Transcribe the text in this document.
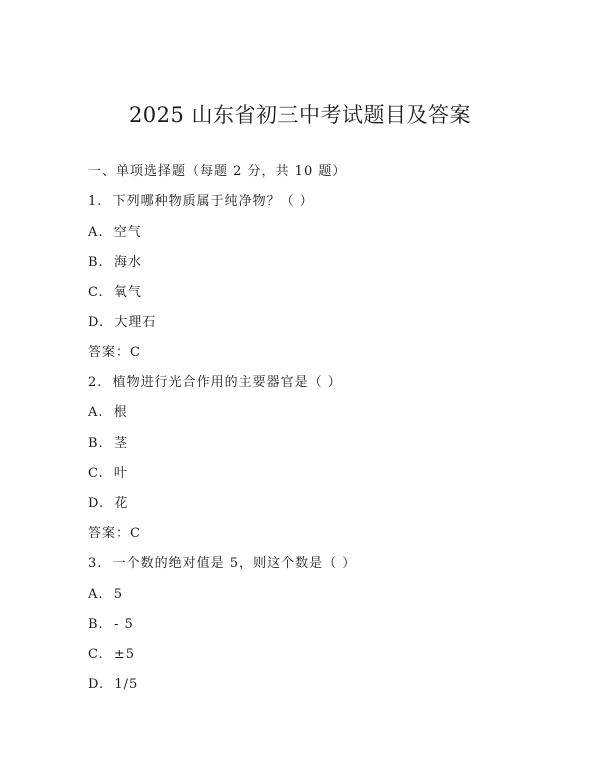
2025 山东省初三中考试题目及答案
一、单项选择题（每题 2 分，共 10 题）
1.  下列哪种物质属于纯净物？（ ）
A.  空气
B.  海水
C.  氧气
D.  大理石
答案：C
2.  植物进行光合作用的主要器官是（ ）
A.  根
B.  茎
C.  叶
D.  花
答案：C
3.  一个数的绝对值是 5，则这个数是（ ）
A.  5
B.  - 5
C.  ±5
D.  1/5
